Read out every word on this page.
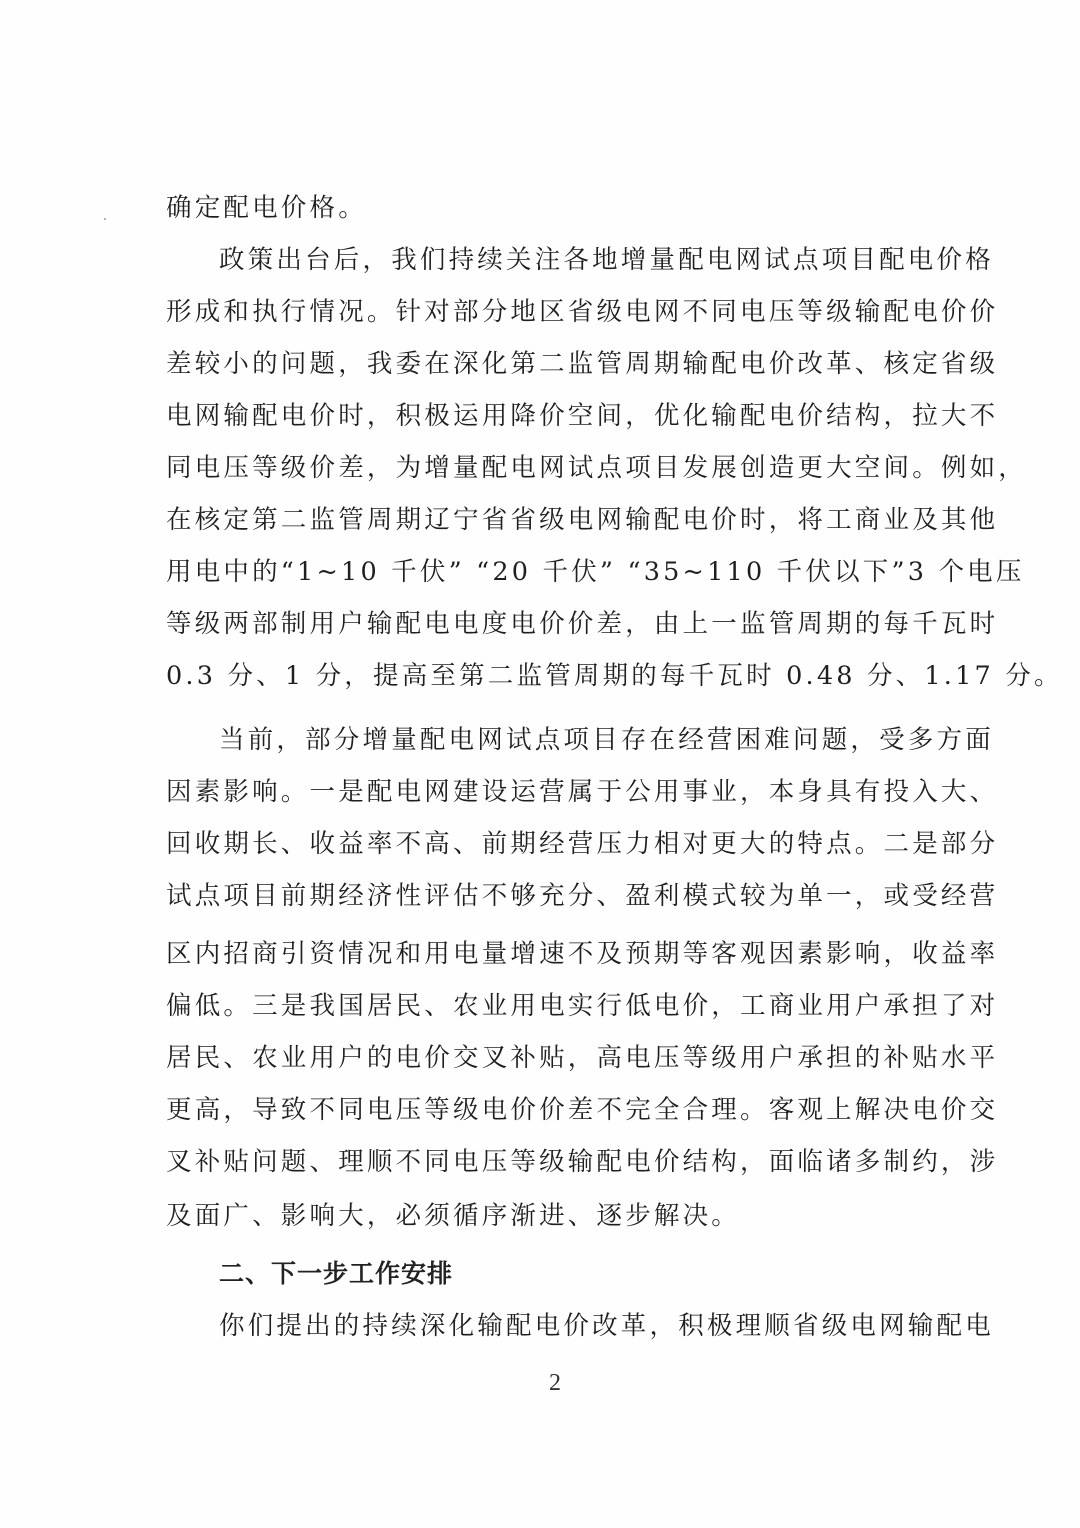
确定配电价格。
政策出台后，我们持续关注各地增量配电网试点项目配电价格
形成和执行情况。针对部分地区省级电网不同电压等级输配电价价
差较小的问题，我委在深化第二监管周期输配电价改革、核定省级
电网输配电价时，积极运用降价空间，优化输配电价结构，拉大不
同电压等级价差，为增量配电网试点项目发展创造更大空间。例如，
在核定第二监管周期辽宁省省级电网输配电价时，将工商业及其他
用电中的“1~10 千伏” “20 千伏” “35~110 千伏以下”3 个电压
等级两部制用户输配电电度电价价差，由上一监管周期的每千瓦时
0.3 分、1 分，提高至第二监管周期的每千瓦时 0.48 分、1.17 分。
当前，部分增量配电网试点项目存在经营困难问题，受多方面
因素影响。一是配电网建设运营属于公用事业，本身具有投入大、
回收期长、收益率不高、前期经营压力相对更大的特点。二是部分
试点项目前期经济性评估不够充分、盈利模式较为单一，或受经营
区内招商引资情况和用电量增速不及预期等客观因素影响，收益率
偏低。三是我国居民、农业用电实行低电价，工商业用户承担了对
居民、农业用户的电价交叉补贴，高电压等级用户承担的补贴水平
更高，导致不同电压等级电价价差不完全合理。客观上解决电价交
叉补贴问题、理顺不同电压等级输配电价结构，面临诸多制约，涉
及面广、影响大，必须循序渐进、逐步解决。
你们提出的持续深化输配电价改革，积极理顺省级电网输配电
二、下一步工作安排
2
